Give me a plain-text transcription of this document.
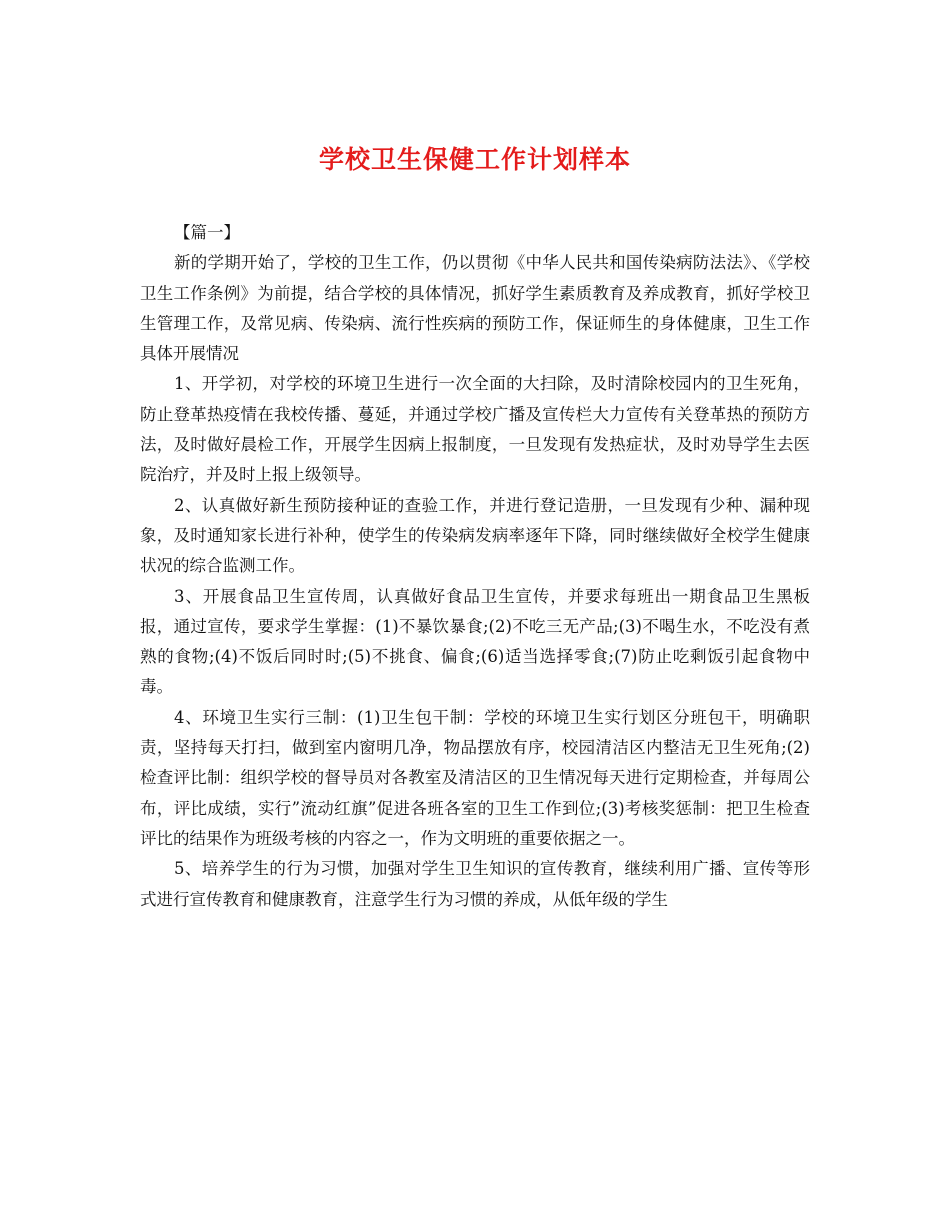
学校卫生保健工作计划样本

【篇一】

新的学期开始了，学校的卫生工作，仍以贯彻《中华人民共和国传染病防法法》、《学校卫生工作条例》为前提，结合学校的具体情况，抓好学生素质教育及养成教育，抓好学校卫生管理工作，及常见病、传染病、流行性疾病的预防工作，保证师生的身体健康，卫生工作具体开展情况

1、开学初，对学校的环境卫生进行一次全面的大扫除，及时清除校园内的卫生死角，防止登革热疫情在我校传播、蔓延，并通过学校广播及宣传栏大力宣传有关登革热的预防方法，及时做好晨检工作，开展学生因病上报制度，一旦发现有发热症状，及时劝导学生去医院治疗，并及时上报上级领导。

2、认真做好新生预防接种证的查验工作，并进行登记造册，一旦发现有少种、漏种现象，及时通知家长进行补种，使学生的传染病发病率逐年下降，同时继续做好全校学生健康状况的综合监测工作。

3、开展食品卫生宣传周，认真做好食品卫生宣传，并要求每班出一期食品卫生黑板报，通过宣传，要求学生掌握：(1)不暴饮暴食;(2)不吃三无产品;(3)不喝生水，不吃没有煮熟的食物;(4)不饭后同时时;(5)不挑食、偏食;(6)适当选择零食;(7)防止吃剩饭引起食物中毒。

4、环境卫生实行三制：(1)卫生包干制：学校的环境卫生实行划区分班包干，明确职责，坚持每天打扫，做到室内窗明几净，物品摆放有序，校园清洁区内整洁无卫生死角;(2)检查评比制：组织学校的督导员对各教室及清洁区的卫生情况每天进行定期检查，并每周公布，评比成绩，实行”流动红旗”促进各班各室的卫生工作到位;(3)考核奖惩制：把卫生检查评比的结果作为班级考核的内容之一，作为文明班的重要依据之一。

5、培养学生的行为习惯，加强对学生卫生知识的宣传教育，继续利用广播、宣传等形式进行宣传教育和健康教育，注意学生行为习惯的养成，从低年级的学生
